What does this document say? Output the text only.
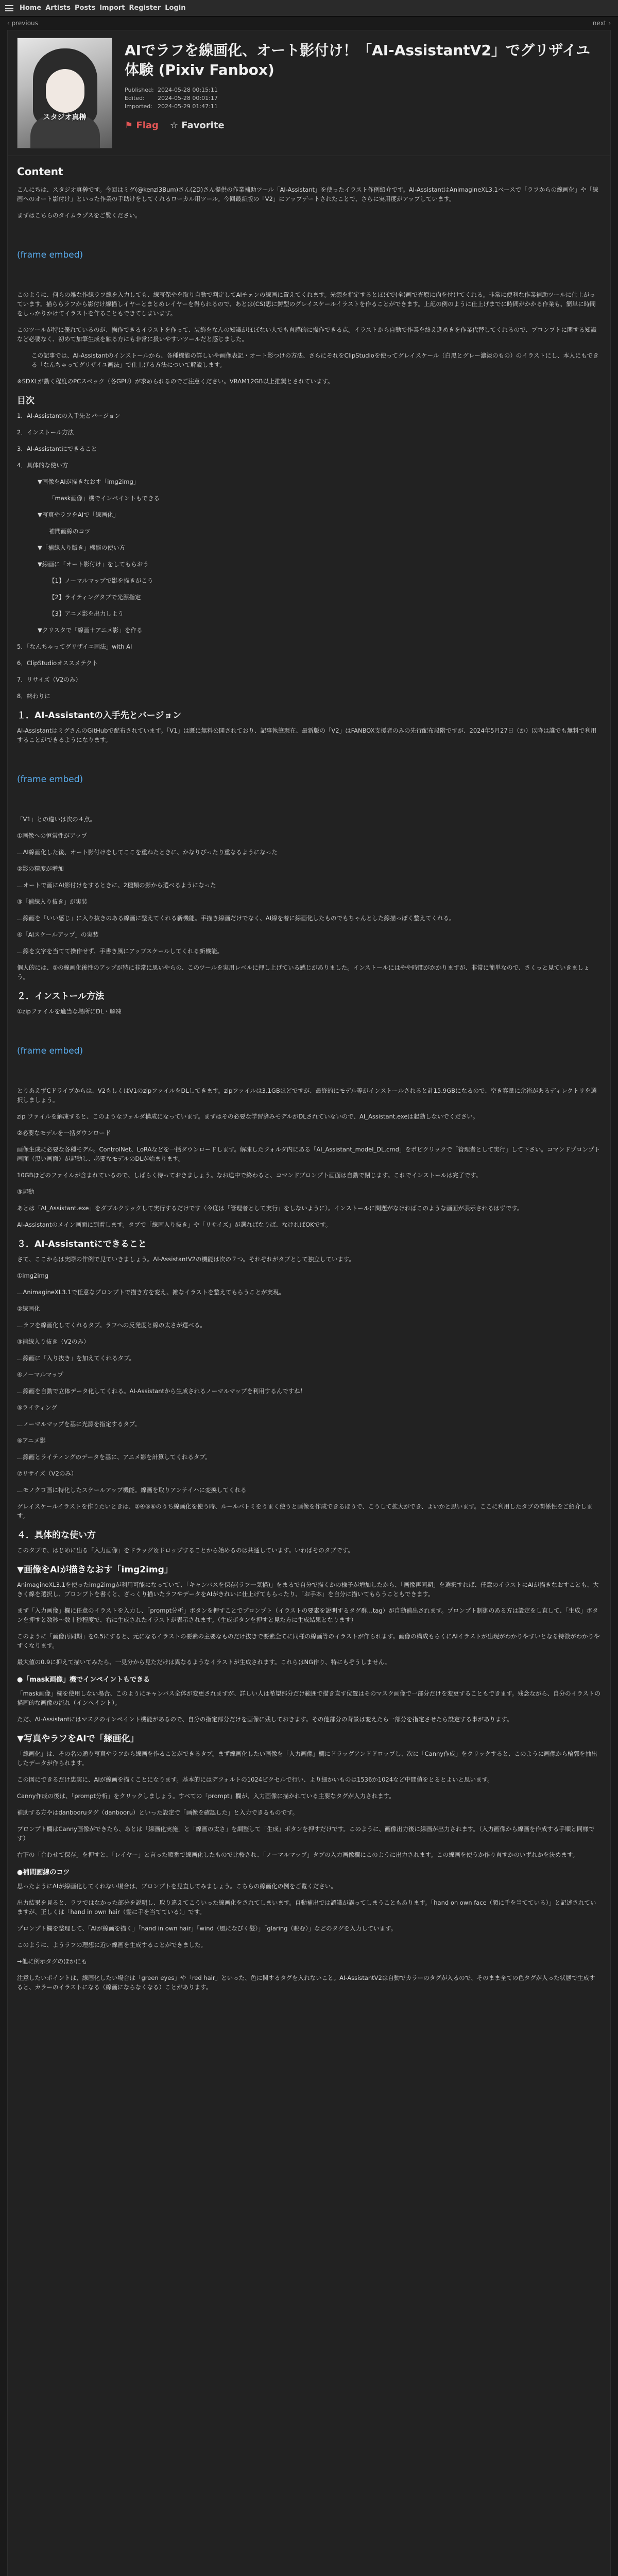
Home Artists Posts Import Register Login
‹ previous	next ›
スタジオ真榊
AIでラフを線画化、オート影付け！「AI-AssistantV2」でグリザイユ体験 (Pixiv Fanbox)
Published: 2024-05-28 00:15:11
Edited: 2024-05-28 00:01:17
Imported: 2024-05-29 01:47:11
⚑ Flag ☆ Favorite
Content

こんにちは、スタジオ真榊です。今回はミグ(@kenzl3Bum)さん(2D)さん提供の作業補助ツール「AI-Assistant」を使ったイラスト作例紹介です。AI-AssistantはAnimagineXL3.1ベースで「ラフからの線画化」や「線画へのオート影付け」といった作業の手助けをしてくれるローカル用ツール。今回最新版の「V2」にアップデートされたことで、さらに実用度がアップしています。

まずはこちらのタイムラプスをご覧ください。

(frame embed)

このように、何らの雑な作線ラフ線を入力しても、線写保やを取り自動で判定してAIチェンの線画に置えてくれます。光源を指定するとほぼで(全)画で光原に内を付けてくれる。非常に便利な作業補助ツールに仕上がっています。描ららラフから影付け線描しイヤーとまとめレイヤーを得られるので、あとは(CS)思に鋳型のグレイスケールイラストを作ることができます。上記の例のように仕上げまでに時間がかかる作業も、簡単に時間をしっかりかけてイラストを作ることもできてしまいます。

このツールが特に優れているのが、操作できるイラストを作って、装飾をなんの知識がほぼない人でも直感的に操作できる点。イラストから自動で作業を終え進めきを作業代替してくれるので、プロンプトに関する知識など必要なく、初めて加筆生成を触る方にも非常に扱いやすいツールだと感じました。

この記事では、AI-Assistantのインストールから、各種機能の詳しいや画像表記・オート影つけの方法、さらにそれをClipStudioを使ってグレイスケール（白黒とグレー濃淡のもの）のイラストにし、本人にもできる「なんちゃってグリザイユ画法」で仕上げる方法について解説します。

※SDXLが動く程度のPCスペック（各GPU）が求められるのでご注意ください。VRAM12GB以上推奨とされています。

目次
1．AI-Assistantの入手先とバージョン
2．インストール方法
3．AI-Assistantにできること
4．具体的な使い方
▼画像をAIが描きなおす「img2img」
「mask画像」機でインペイントもできる
▼写真やラフをAIで「線画化」
補間画線のコツ
▼「補線入り版き」機能の使い方
▼線画に「オート影付け」をしてもらおう
【1】ノーマルマップで影を描きがこう
【2】ライティングタブで光源指定
【3】アニメ影を出力しよう
▼クリスタで「線画＋アニメ影」を作る
5．「なんちゃってグリザイユ画法」with AI
6．ClipStudioオススメテクト
7．リサイズ（V2のみ）
8．終わりに
１．AI-Assistantの入手先とバージョン

AI-AssistantはミグさんのGitHubで配布されています。「V1」は既に無料公開されており、記事執筆現在、最新版の「V2」はFANBOX支援者のみの先行配布段階ですが、2024年5月27日（か）以降は誰でも無料で利用することができるようになります。

(frame embed)

「V1」との違いは次の４点。

①画像への恒常性がアップ

…AI線画化した後、オート影付けをしてここを重ねたときに、かなりぴったり重なるようになった

②影の精度が増加

…オートで画にAI影付けをするときに、2種類の影から選べるようになった

③「補線入り抜き」が実装

…線画を「いい感じ」に入り抜きのある線画に整えてくれる新機能。手描き線画だけでなく、AI線を着に線画化したものでもちゃんとした線描っぽく整えてくれる。

④「AIスケールアップ」の実装

…線を文字を当てて操作せず、手書き風にアップスケールしてくれる新機能。

個人的には、①の線画化後性のアップが特に非常に思いやらの、このツールを実用レベルに押し上げている感じがありました。インストールにはやや時間がかかりますが、非常に簡単なので、さくっと見ていきましょう。

２．インストール方法

①zipファイルを適当な場所にDL・解凍

(frame embed)

とりあえずCドライブからは、V2もしくはV1のzipファイルをDLしてきます。zipファイルは3.1GBほどですが、最終的にモデル等がインストールされると計15.9GBになるので、空き容量に余裕があるディレクトリを選択しましょう。

zip ファイルを解凍すると、このようなフォルダ構成になっています。まずはその必要な学習済みモデルがDLされていないので、AI_Assistant.exeは起動しないでください。

②必要なモデルを一括ダウンロード

画像生成に必要な各種モデル。ControlNet、LoRAなどを一括ダウンロードします。解凍したフォルダ内にある「AI_Assistant_model_DL.cmd」をポピクリックで「管理者として実行」して下さい。コマンドプロンプト画面（黒い画面）が起動し、必要なモデルのDLが始まります。

10GBほどのファイルが含まれているので、しばらく待っておきましょう。なお途中で終わると、コマンドプロンプト画面は自動で閉じます。これでインストールは完了です。

③起動

あとは「AI_Assistant.exe」をダブルクリックして実行するだけです（今度は「管理者として実行」をしないように）。インストールに問題がなければこのような画面が表示されるはずです。

AI-Assistantのメイン画面に到着します。タブで「線画入り抜き」や「リサイズ」が選ればなりば、なければOKです。

３．AI-Assistantにできること

さて、ここからは実際の作例で見ていきましょう。AI-AssistantV2の機能は次の７つ。それぞれがタブとして独立しています。

①img2img

…AnimagineXL3.1で任意なプロンプトで描き方を変え、雑なイラストを整えてもらうことが実現。

②線画化

…ラフを線画化してくれるタブ。ラフへの反発度と線の太さが選べる。

③補線入り抜き（V2のみ）

…線画に「入り抜き」を加えてくれるタブ。

④ノーマルマップ

…線画を自動で立体データ化してくれる。AI-Assistantから生成されるノーマルマップを利用するんですね！

⑤ライティング

…ノーマルマップを基に光源を指定するタブ。

⑥アニメ影

…線画とライティングのデータを基に、アニメ影を計算してくれるタブ。

⑦リサイズ（V2のみ）

…モノクロ画に特化したスケールアップ機能。線画を取りアンテイハに変換してくれる

グレイスケールイラストを作りたいときは、②④⑤⑥のうち線画化を使う時、ルールバトミをうまく使うと画像を作成できるほうで、こうして拡大ができ、よいかと思います。ここに利用したタブの関係性をご紹介します。

４．具体的な使い方

このタブで、はじめに出る「入力画像」をドラッグ＆ドロップすることから始めるのは共通しています。いわばそのタブです。

▼画像をAIが描きなおす「img2img」

AnimagineXL3.1を使ったimg2imgが利用可能になっていて、「キャンバスを保存(ラフ一気描)」をまるで自分で描くかの様子が増加したから、「画像再同期」を選択すれば、任意のイラストにAIが描きなおすことも、大きく線を選択し、プロンプトを書くと、ざっくり描いたラフやデータをAIがきれいに仕上げてもらったり、「お手本」を自分に描いてもらうこともできます。

まず「入力画像」欄に任意のイラストを入力し、「prompt分析」ボタンを押すことでプロンプト（イラストの要素を説明するタグ群…tag）が自動補出されます。プロンプト制御のある方は設定をし直して、「生成」ボタンを押すと数秒〜数十秒程度で、右に生成されたイラストが表示されます。（生成ボタンを押すと見た方に生成結果となります）

このように「画像再同期」を0.5にすると、元になるイラストの要素の主要なものだけ抜きで要素全てに同様の線画等のイラストが作られます。画像の構成もらくにAIイラストが出現がわかりやすいとなる特徴がわかりやすくなります。

最大値の0.9に抑えて描いてみたら、一見分から見ただけは異なるようなイラストが生成されます。これらはNG作り、特にもぞうしません。

●「mask画像」機でインペイントもできる

「mask画像」欄を使用しない場合、このようにキャンバス全体が変更されますが、詳しい人は希望部分だけ範囲で描き直す位置はそのマスク画像で一部分だけを変更することもできます。残念ながら、自分のイラストの描画的な画像の流れ（インペイント）。

ただ、AI-Assistantにはマスクのインペイント機能があるので、自分の指定部分だけを画像に残しておきます。その他部分の背景は変えたら一部分を指定させたら設定する事があります。

▼写真やラフをAIで「線画化」

「線画化」は、その名の通り写真やラフから線画を作ることができるタブ。まず線画化したい画像を「入力画像」欄にドラッグアンドドロップし、次に「Canny作成」をクリックすると、このように画像から輪郭を抽出したデータが作られます。

この図にできるだけ忠実に、AIが線画を描くことになります。基本的にはデフォルトの1024ピクセルで行い、より細かいものは1536か1024など中間値をとるとよいと思います。

Canny作成の後は、「prompt分析」をクリックしましょう。すべての「prompt」欄が、入力画像に描かれている主要なタグが入力されます。

補助する方やはdanbooruタグ（danbooru）といった設定で「画像を確認した」と入力できるものです。

プロンプト欄はCanny画像ができたら、あとは「線画化実施」と「線画の太さ」を調整して「生成」ボタンを押すだけです。このように、画像出力後に線画が出力されます。（入力画像から線画を作成する手順と同様です）

右下の「合わせて保存」を押すと、「レイヤー」と言った順番で線画化したもので比較され、「ノーマルマップ」タブの入力画像欄にこのように出力されます。この線画を使うか作り直すかのいずれかを決めます。

●補間画線のコツ

思ったようにAIが線画化してくれない場合は、プロンプトを見直してみましょう。こちらの線画化の例をご覧ください。

出力結果を見ると、ラフではなかった部分を説明し、取り違えてこういった線画化をされてしまいます。自動補出では認識が誤ってしまうこともあります。「hand on own face（顔に手を当てている）」と記述されていますが、正しくは「hand in own hair（髪に手を当てている）」です。

プロンプト欄を整理して、「AIが線画を描く」「hand in own hair」「wind（風になびく髪）」「glaring（睨む）」などのタグを入力しています。

このように、ようラフの理想に近い線画を生成することができました。

→他に例示タグのほかにも

注意したいポイントは、線画化したい場合は「green eyes」や「red hair」といった、色に関するタグを入れないこと。AI-AssistantV2は自動でカラーのタグが入るので、そのまま全ての色タグが入った状態で生成すると、カラーのイラストになる（線画にならなくなる）ことがあります。
